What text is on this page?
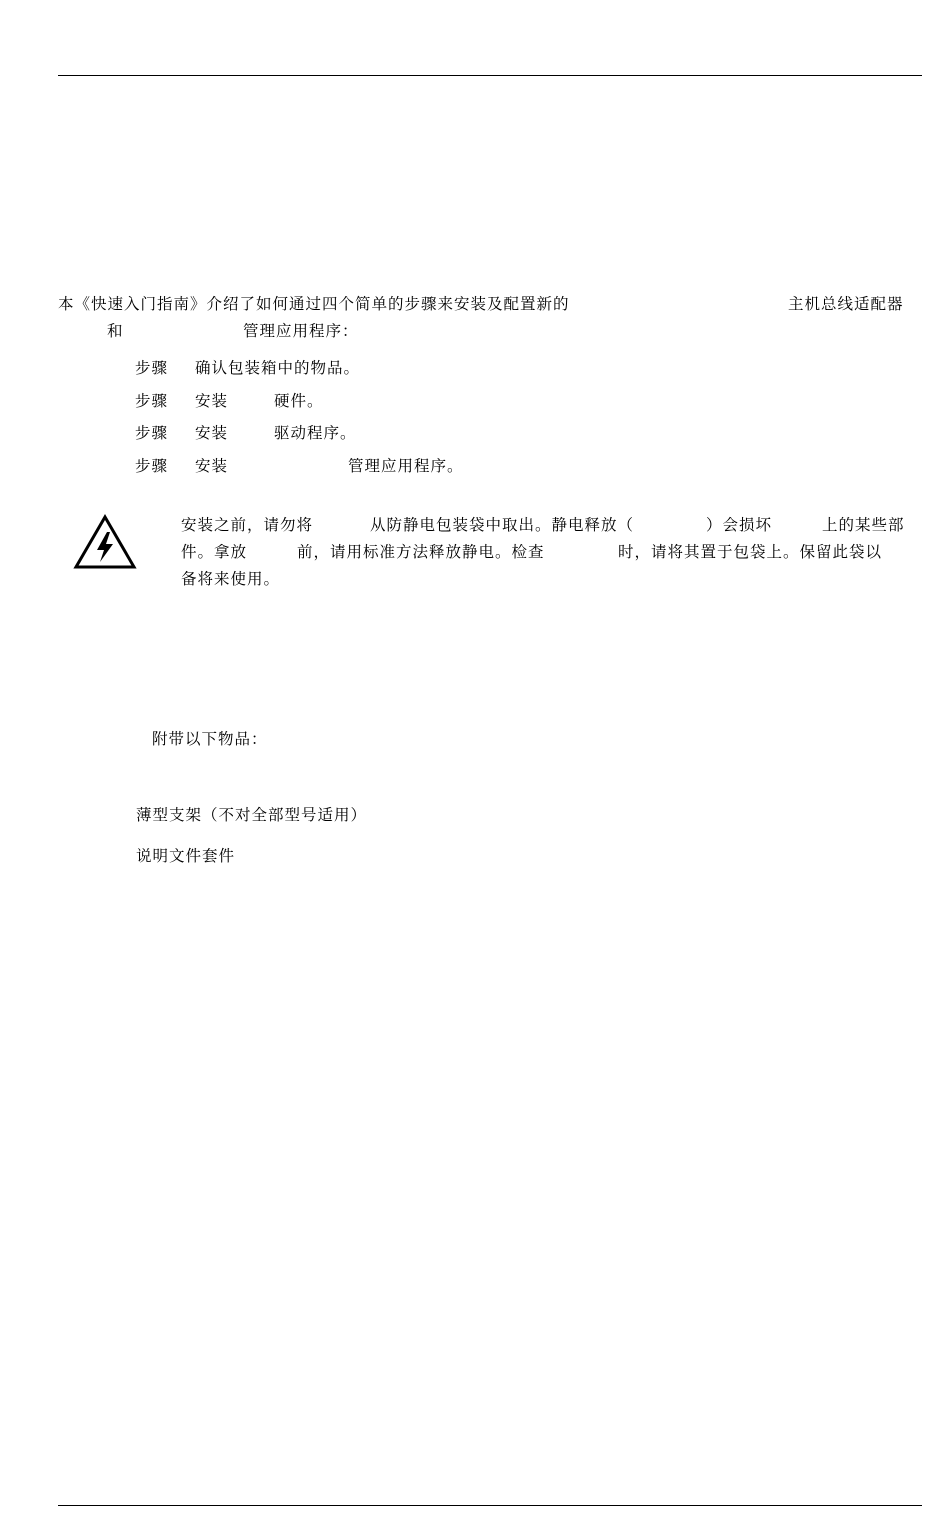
本《快速入门指南》介绍了如何通过四个简单的步骤来安装及配置新的	主机总线适配器
和	管理应用程序：
步骤 确认包装箱中的物品。
步骤 安装	硬件。
步骤 安装	驱动程序。
步骤 安装	管理应用程序。
安装之前，请勿将	从防静电包装袋中取出。静电释放（	）会损坏	上的某些部
件。拿放	前，请用标准方法释放静电。检查	时，请将其置于包袋上。保留此袋以
备将来使用。
附带以下物品：
薄型支架（不对全部型号适用）
说明文件套件
